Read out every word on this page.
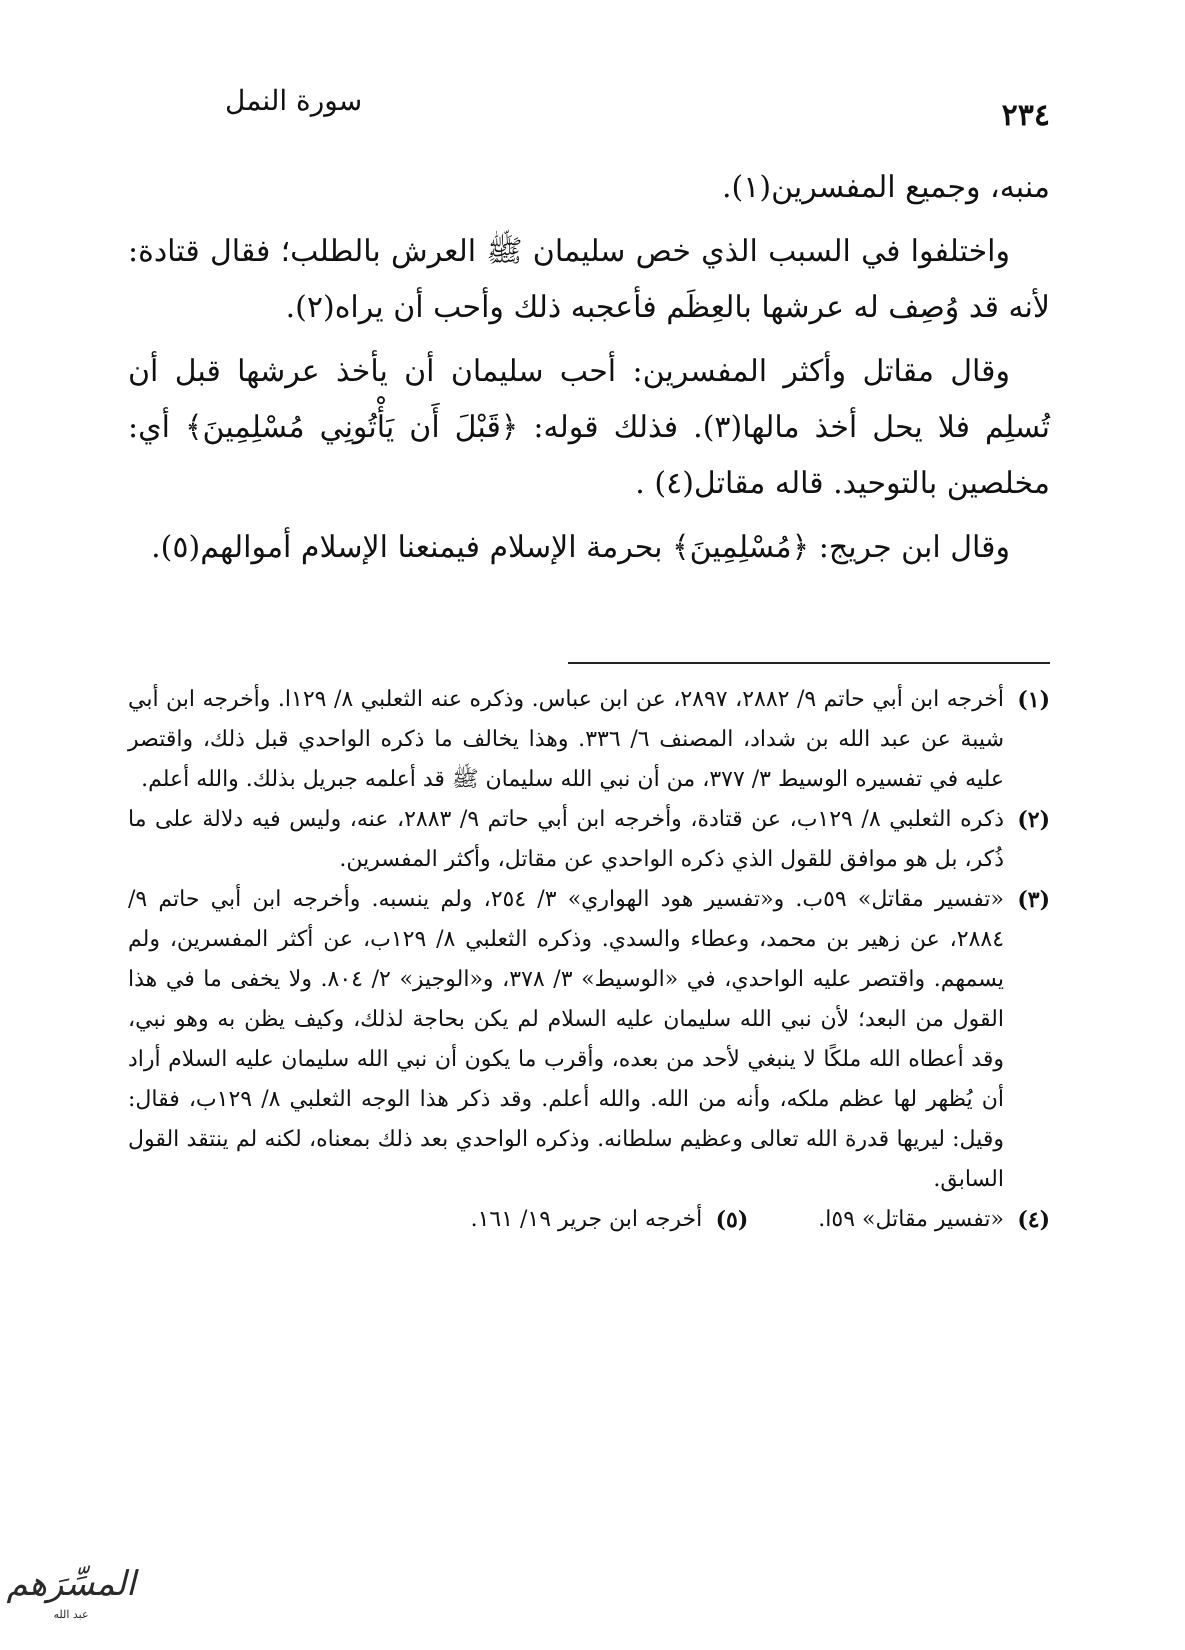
٢٣٤
سورة النمل

منبه، وجميع المفسرين(١).

واختلفوا في السبب الذي خص سليمان ﷺ العرش بالطلب؛ فقال قتادة: لأنه قد وُصِف له عرشها بالعِظَم فأعجبه ذلك وأحب أن يراه(٢).

وقال مقاتل وأكثر المفسرين: أحب سليمان أن يأخذ عرشها قبل أن تُسلِم فلا يحل أخذ مالها(٣). فذلك قوله: ﴿قَبْلَ أَن يَأْتُونِي مُسْلِمِينَ﴾ أي: مخلصين بالتوحيد. قاله مقاتل(٤) .

وقال ابن جريج: ﴿مُسْلِمِينَ﴾ بحرمة الإسلام فيمنعنا الإسلام أموالهم(٥).

(١)
أخرجه ابن أبي حاتم ٩/ ٢٨٨٢، ٢٨٩٧، عن ابن عباس. وذكره عنه الثعلبي ٨/ ١٢٩ا. وأخرجه ابن أبي شيبة عن عبد الله بن شداد، المصنف ٦/ ٣٣٦. وهذا يخالف ما ذكره الواحدي قبل ذلك، واقتصر عليه في تفسيره الوسيط ٣/ ٣٧٧، من أن نبي الله سليمان ﷺ قد أعلمه جبريل بذلك. والله أعلم.
(٢)
ذكره الثعلبي ٨/ ١٢٩ب، عن قتادة، وأخرجه ابن أبي حاتم ٩/ ٢٨٨٣، عنه، وليس فيه دلالة على ما ذُكر، بل هو موافق للقول الذي ذكره الواحدي عن مقاتل، وأكثر المفسرين.
(٣)
«تفسير مقاتل» ٥٩ب. و«تفسير هود الهواري» ٣/ ٢٥٤، ولم ينسبه. وأخرجه ابن أبي حاتم ٩/ ٢٨٨٤، عن زهير بن محمد، وعطاء والسدي. وذكره الثعلبي ٨/ ١٢٩ب، عن أكثر المفسرين، ولم يسمهم. واقتصر عليه الواحدي، في «الوسيط» ٣/ ٣٧٨، و«الوجيز» ٢/ ٨٠٤. ولا يخفى ما في هذا القول من البعد؛ لأن نبي الله سليمان عليه السلام لم يكن بحاجة لذلك، وكيف يظن به وهو نبي، وقد أعطاه الله ملكًا لا ينبغي لأحد من بعده، وأقرب ما يكون أن نبي الله سليمان عليه السلام أراد أن يُظهر لها عظم ملكه، وأنه من الله. والله أعلم. وقد ذكر هذا الوجه الثعلبي ٨/ ١٢٩ب، فقال: وقيل: ليريها قدرة الله تعالى وعظيم سلطانه. وذكره الواحدي بعد ذلك بمعناه، لكنه لم ينتقد القول السابق.
(٤)
«تفسير مقاتل» ٥٩ا.
(٥)
أخرجه ابن جرير ١٩/ ١٦١.
المسِّرَهم
عبد الله
